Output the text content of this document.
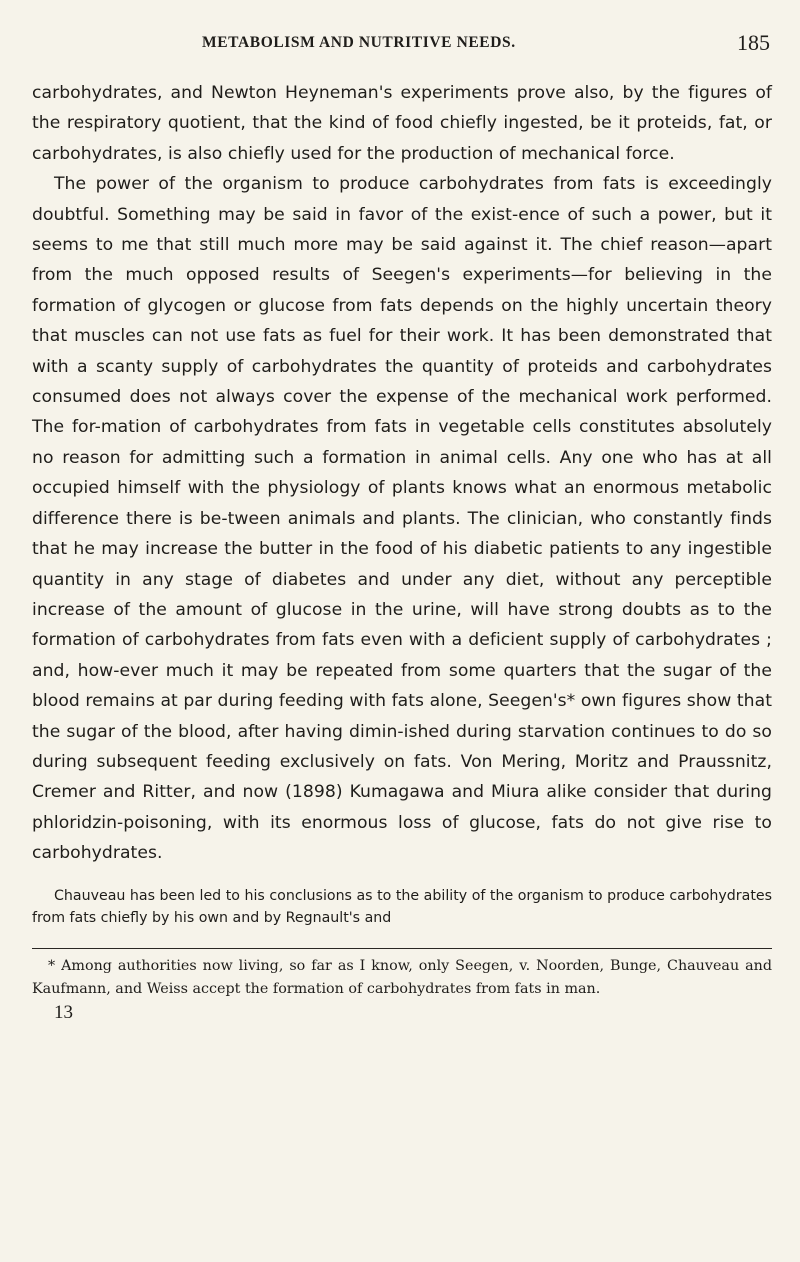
METABOLISM AND NUTRITIVE NEEDS.	185

carbohydrates, and Newton Heyneman's experiments prove also, by the figures of the respiratory quotient, that the kind of food chiefly ingested, be it proteids, fat, or carbohydrates, is also chiefly used for the production of mechanical force.

The power of the organism to produce carbohydrates from fats is exceedingly doubtful. Something may be said in favor of the exist-ence of such a power, but it seems to me that still much more may be said against it. The chief reason—apart from the much opposed results of Seegen's experiments—for believing in the formation of glycogen or glucose from fats depends on the highly uncertain theory that muscles can not use fats as fuel for their work. It has been demonstrated that with a scanty supply of carbohydrates the quantity of proteids and carbohydrates consumed does not always cover the expense of the mechanical work performed. The for-mation of carbohydrates from fats in vegetable cells constitutes absolutely no reason for admitting such a formation in animal cells. Any one who has at all occupied himself with the physiology of plants knows what an enormous metabolic difference there is be-tween animals and plants. The clinician, who constantly finds that he may increase the butter in the food of his diabetic patients to any ingestible quantity in any stage of diabetes and under any diet, without any perceptible increase of the amount of glucose in the urine, will have strong doubts as to the formation of carbohydrates from fats even with a deficient supply of carbohydrates ; and, how-ever much it may be repeated from some quarters that the sugar of the blood remains at par during feeding with fats alone, Seegen's* own figures show that the sugar of the blood, after having dimin-ished during starvation continues to do so during subsequent feeding exclusively on fats. Von Mering, Moritz and Praussnitz, Cremer and Ritter, and now (1898) Kumagawa and Miura alike consider that during phloridzin-poisoning, with its enormous loss of glucose, fats do not give rise to carbohydrates.

Chauveau has been led to his conclusions as to the ability of the organism to produce carbohydrates from fats chiefly by his own and by Regnault's and

* Among authorities now living, so far as I know, only Seegen, v. Noorden, Bunge, Chauveau and Kaufmann, and Weiss accept the formation of carbohydrates from fats in man.

13
